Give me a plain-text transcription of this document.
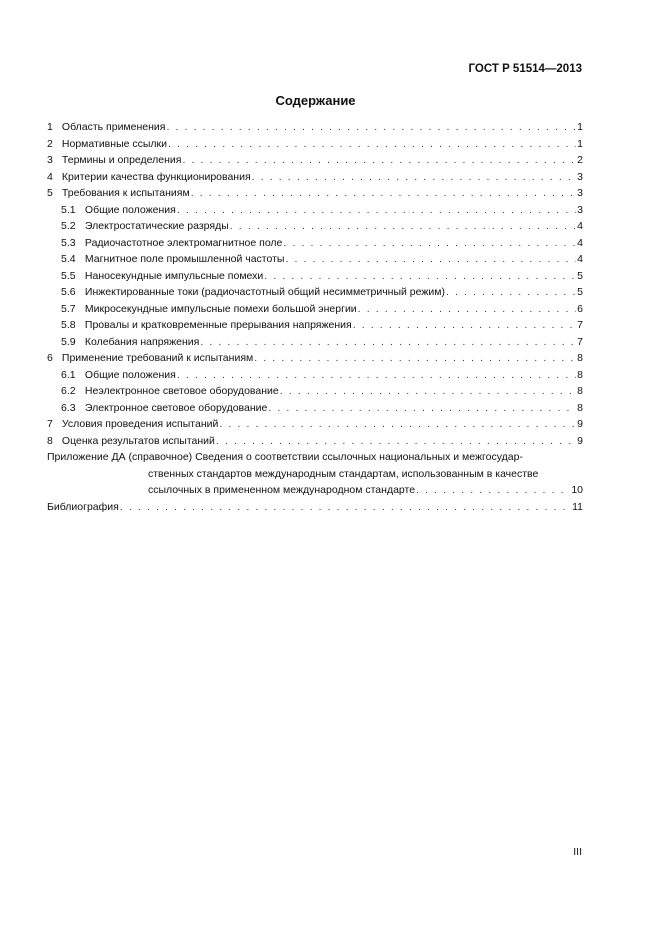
ГОСТ Р 51514—2013
Содержание
1 Область применения . . .	1
2 Нормативные ссылки . . .	1
3 Термины и определения . . .	2
4 Критерии качества функционирования . . .	3
5 Требования к испытаниям . . .	3
5.1 Общие положения . . .	3
5.2 Электростатические разряды . . .	4
5.3 Радиочастотное электромагнитное поле . . .	4
5.4 Магнитное поле промышленной частоты . . .	4
5.5 Наносекундные импульсные помехи . . .	5
5.6 Инжектированные токи (радиочастотный общий несимметричный режим) . . .	5
5.7 Микросекундные импульсные помехи большой энергии . . .	6
5.8 Провалы и кратковременные прерывания напряжения . . .	7
5.9 Колебания напряжения . . .	7
6 Применение требований к испытаниям . . .	8
6.1 Общие положения . . .	8
6.2 Неэлектронное световое оборудование . . .	8
6.3 Электронное световое оборудование . . .	8
7 Условия проведения испытаний . . .	9
8 Оценка результатов испытаний . . .	9
Приложение ДА (справочное) Сведения о соответствии ссылочных национальных и межгосудар-
ственных стандартов международным стандартам, использованным в качестве
ссылочных в примененном международном стандарте . . .	10
Библиография . . .	11
III
